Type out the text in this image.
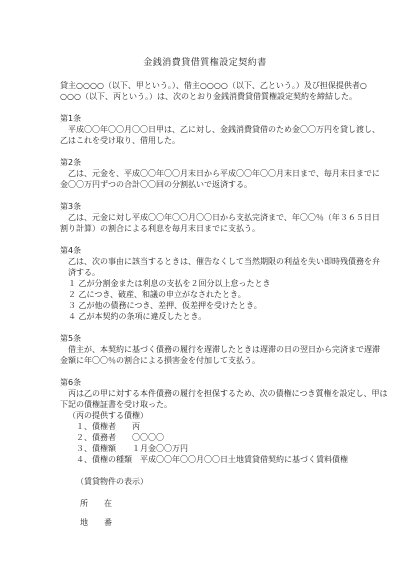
金銭消費貸借質権設定契約書

貸主○○○○（以下、甲という。）、借主○○○○（以下、乙という。）及び担保提供者○

○○○（以下、丙という。）は、次のとおり金銭消費貸借質権設定契約を締結した。

第1条

平成〇〇年〇〇月〇〇日甲は、乙に対し、金銭消費貸借のため金〇〇万円を貸し渡し、

乙はこれを受け取り、借用した。

第2条

乙は、元金を、平成〇〇年〇〇月末日から平成〇〇年〇〇月末日まで、毎月末日までに

金〇〇万円ずつの合計〇〇回の分割払いで返済する。

第3条

乙は、元金に対し平成〇〇年〇〇月〇〇日から支払完済まで、年〇〇％（年３６５日日

割り計算）の割合による利息を毎月末日までに支払う。

第4条

乙は、次の事由に該当するときは、催告なくして当然期限の利益を失い即時残債務を弁

済する。

１ 乙が分割金または利息の支払を２回分以上怠ったとき

２ 乙につき、破産、和議の申立がなされたとき。

３ 乙が他の債務につき、差押、仮差押を受けたとき。

４ 乙が本契約の条項に違反したとき。

第5条

借主が、本契約に基づく債務の履行を遅滞したときは遅滞の日の翌日から完済まで遅滞

金額に年〇〇％の割合による損害金を付加して支払う。

第6条

丙は乙の甲に対する本件債務の履行を担保するため、次の債権につき質権を設定し、甲は

下記の債権証書を受け取った。

（丙の提供する債権）

１、債権者　　丙

２、債務者　　〇〇〇〇

３、債権額　　１月金〇〇万円

４、債権の種類　平成〇〇年〇〇月〇〇日土地賃貸借契約に基づく賃料債権

（賃貸物件の表示）

所　　在

地　　番
